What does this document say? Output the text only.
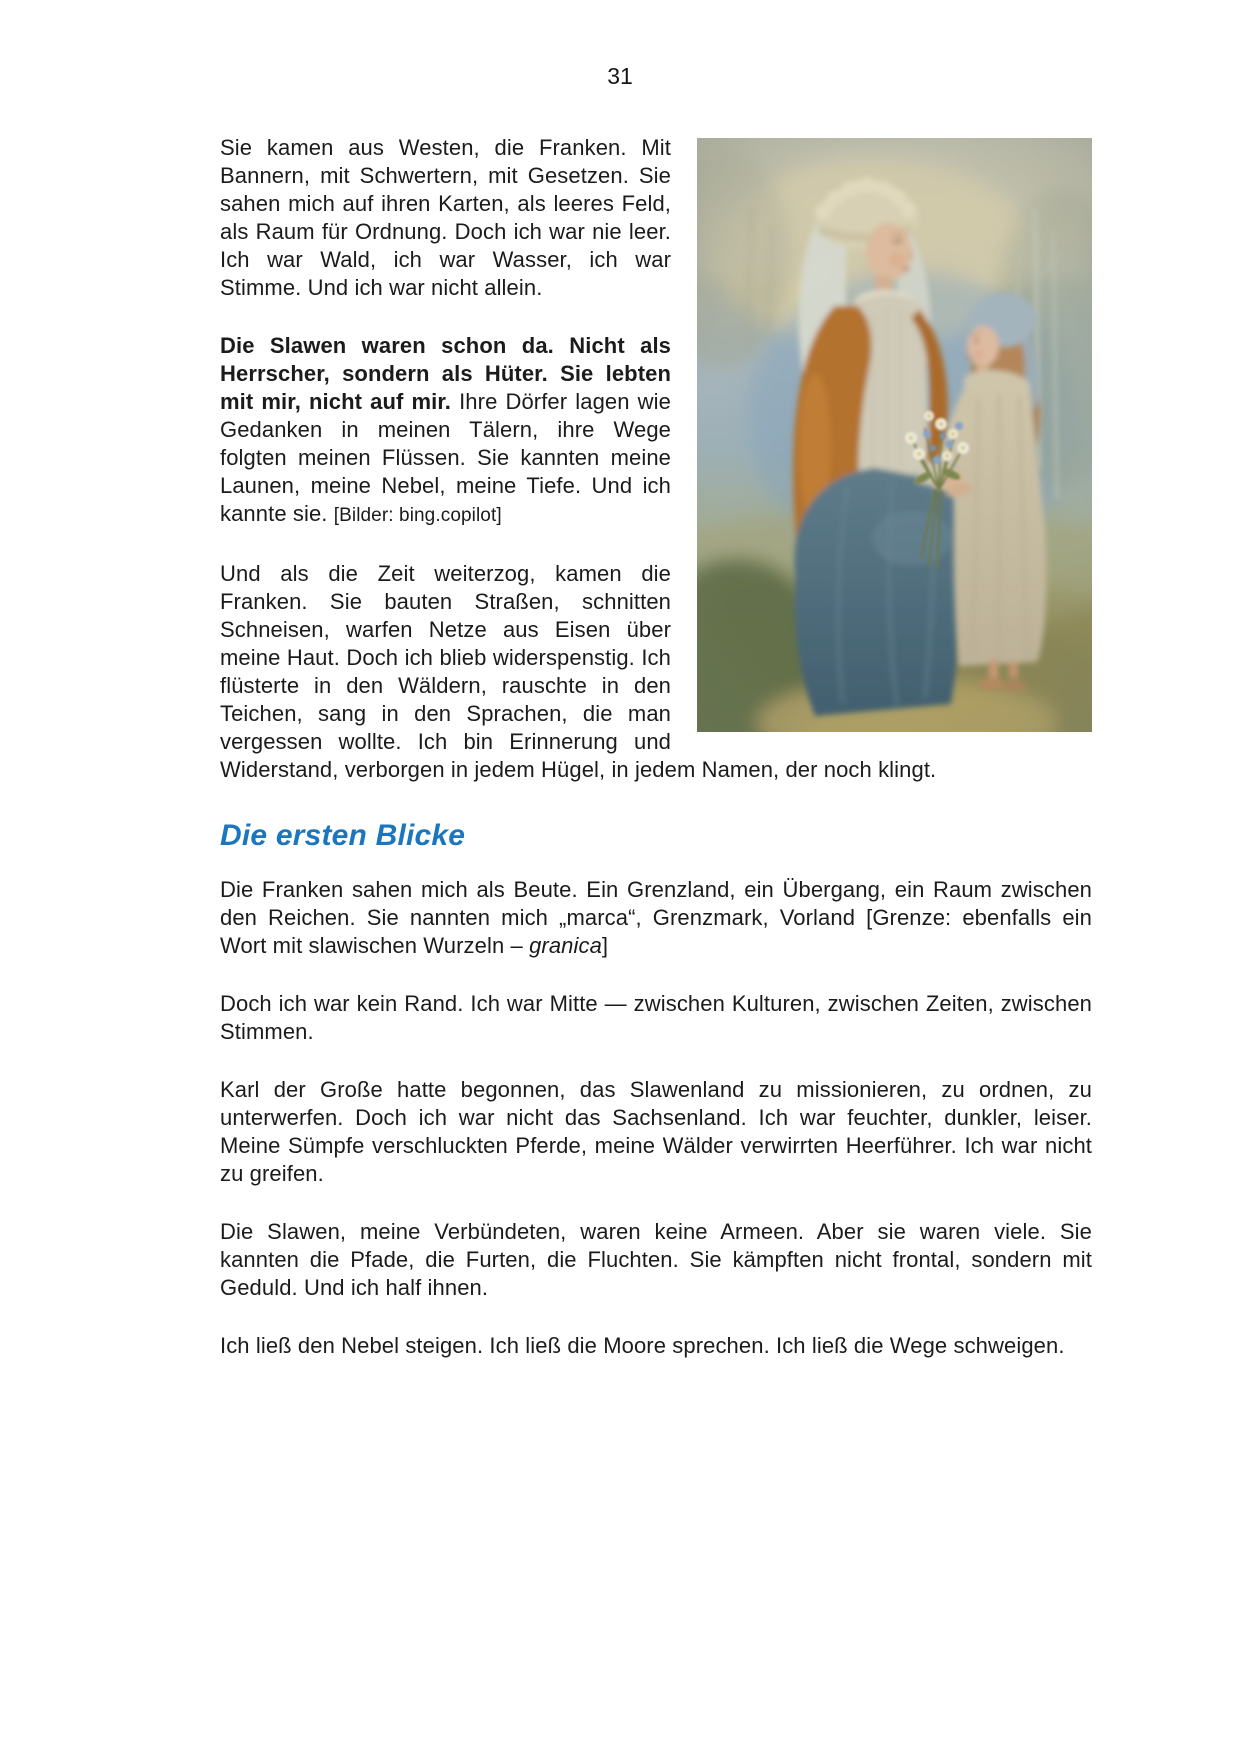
31

Sie kamen aus Westen, die Franken. Mit Bannern, mit Schwertern, mit Gesetzen. Sie sahen mich auf ihren Karten, als leeres Feld, als Raum für Ordnung. Doch ich war nie leer. Ich war Wald, ich war Wasser, ich war Stimme. Und ich war nicht allein.

Die Slawen waren schon da. Nicht als Herrscher, sondern als Hüter. Sie lebten mit mir, nicht auf mir. Ihre Dörfer lagen wie Gedanken in meinen Tälern, ihre Wege folgten meinen Flüssen. Sie kannten meine Launen, meine Nebel, meine Tiefe. Und ich kannte sie. [Bilder: bing.copilot]

Und als die Zeit weiterzog, kamen die Franken. Sie bauten Straßen, schnitten Schneisen, warfen Netze aus Eisen über meine Haut. Doch ich blieb widerspenstig. Ich flüsterte in den Wäldern, rauschte in den Teichen, sang in den Sprachen, die man vergessen wollte. Ich bin Erinnerung und Widerstand, verborgen in jedem Hügel, in jedem Namen, der noch klingt.

Die ersten Blicke

Die Franken sahen mich als Beute. Ein Grenzland, ein Übergang, ein Raum zwischen den Reichen. Sie nannten mich „marca“, Grenzmark, Vorland [Grenze: ebenfalls ein Wort mit slawischen Wurzeln – granica]

Doch ich war kein Rand. Ich war Mitte — zwischen Kulturen, zwischen Zeiten, zwischen Stimmen.

Karl der Große hatte begonnen, das Slawenland zu missionieren, zu ordnen, zu unterwerfen. Doch ich war nicht das Sachsenland. Ich war feuchter, dunkler, leiser. Meine Sümpfe verschluckten Pferde, meine Wälder verwirrten Heerführer. Ich war nicht zu greifen.

Die Slawen, meine Verbündeten, waren keine Armeen. Aber sie waren viele. Sie kannten die Pfade, die Furten, die Fluchten. Sie kämpften nicht frontal, sondern mit Geduld. Und ich half ihnen.

Ich ließ den Nebel steigen. Ich ließ die Moore sprechen. Ich ließ die Wege schweigen.
